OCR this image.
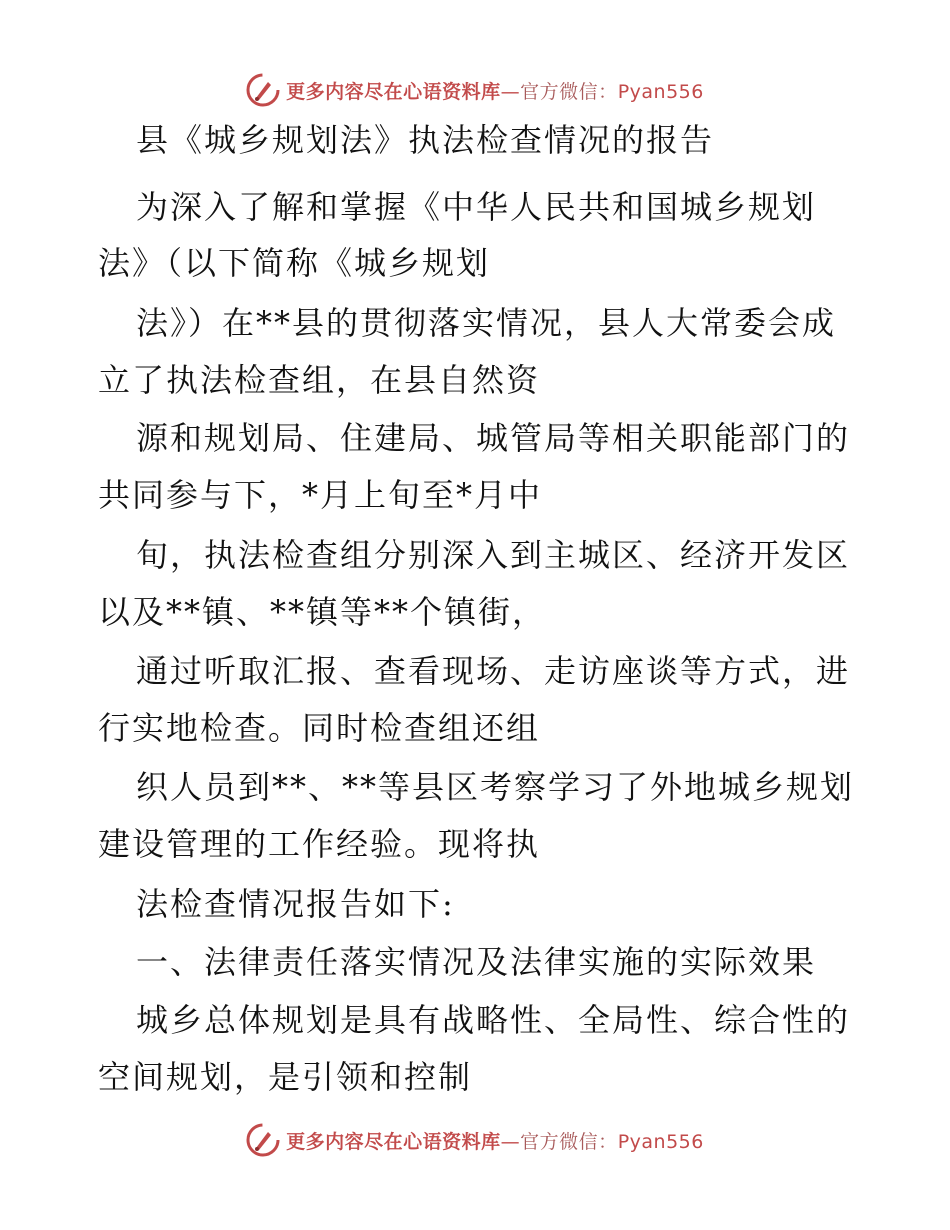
更多内容尽在心语资料库—官方微信：Pyan556
县《城乡规划法》执法检查情况的报告
为深入了解和掌握《中华人民共和国城乡规划
法》（以下简称《城乡规划
法》）在**县的贯彻落实情况，县人大常委会成
立了执法检查组，在县自然资
源和规划局、住建局、城管局等相关职能部门的
共同参与下，*月上旬至*月中
旬，执法检查组分别深入到主城区、经济开发区
以及**镇、**镇等**个镇街，
通过听取汇报、查看现场、走访座谈等方式，进
行实地检查。同时检查组还组
织人员到**、**等县区考察学习了外地城乡规划
建设管理的工作经验。现将执
法检查情况报告如下:
一、法律责任落实情况及法律实施的实际效果
城乡总体规划是具有战略性、全局性、综合性的
空间规划，是引领和控制
更多内容尽在心语资料库—官方微信：Pyan556
